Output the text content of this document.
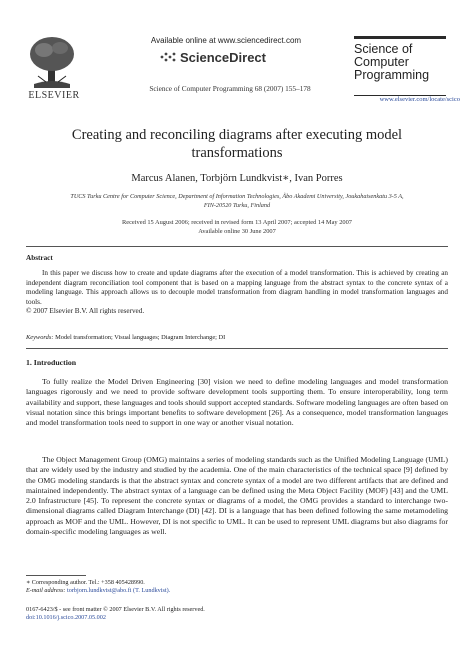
ELSEVIER
Available online at www.sciencedirect.com
ScienceDirect
Science of Computer Programming 68 (2007) 155–178
Science of
Computer
Programming
www.elsevier.com/locate/scico
Creating and reconciling diagrams after executing model transformations
Marcus Alanen, Torbjörn Lundkvist∗, Ivan Porres
TUCS Turku Centre for Computer Science, Department of Information Technologies, Åbo Akademi University, Joukahaisenkatu 3-5 A,
FIN-20520 Turku, Finland
Received 15 August 2006; received in revised form 13 April 2007; accepted 14 May 2007
Available online 30 June 2007
Abstract
In this paper we discuss how to create and update diagrams after the execution of a model transformation. This is achieved by creating an independent diagram reconciliation tool component that is based on a mapping language from the abstract syntax to the concrete syntax of a modeling language. This approach allows us to decouple model transformation from diagram handling in model transformation languages and tools.
© 2007 Elsevier B.V. All rights reserved.
Keywords: Model transformation; Visual languages; Diagram Interchange; DI
1. Introduction
To fully realize the Model Driven Engineering [30] vision we need to define modeling languages and model transformation languages rigorously and we need to provide software development tools supporting them. To ensure interoperability, long term availability and support, these languages and tools should support accepted standards. Software modeling languages are often based on visual notation since this brings important benefits to software development [26]. As a consequence, model transformation languages and model transformation tools need to support in one way or another visual notation.
The Object Management Group (OMG) maintains a series of modeling standards such as the Unified Modeling Language (UML) that are widely used by the industry and studied by the academia. One of the main characteristics of the technical space [9] defined by the OMG modeling standards is that the abstract syntax and concrete syntax of a model are two different artifacts that are defined and maintained independently. The abstract syntax of a language can be defined using the Meta Object Facility (MOF) [43] and the UML 2.0 Infrastructure [45]. To represent the concrete syntax or diagrams of a model, the OMG provides a standard to interchange two-dimensional diagrams called Diagram Interchange (DI) [42]. DI is a language that has been defined following the same metamodeling approach as MOF and the UML. However, DI is not specific to UML. It can be used to represent UML diagrams but also diagrams for domain-specific modeling languages as well.
∗ Corresponding author. Tel.: +358 405428990.
E-mail address: torbjorn.lundkvist@abo.fi (T. Lundkvist).
0167-6423/$ - see front matter © 2007 Elsevier B.V. All rights reserved.
doi:10.1016/j.scico.2007.05.002
